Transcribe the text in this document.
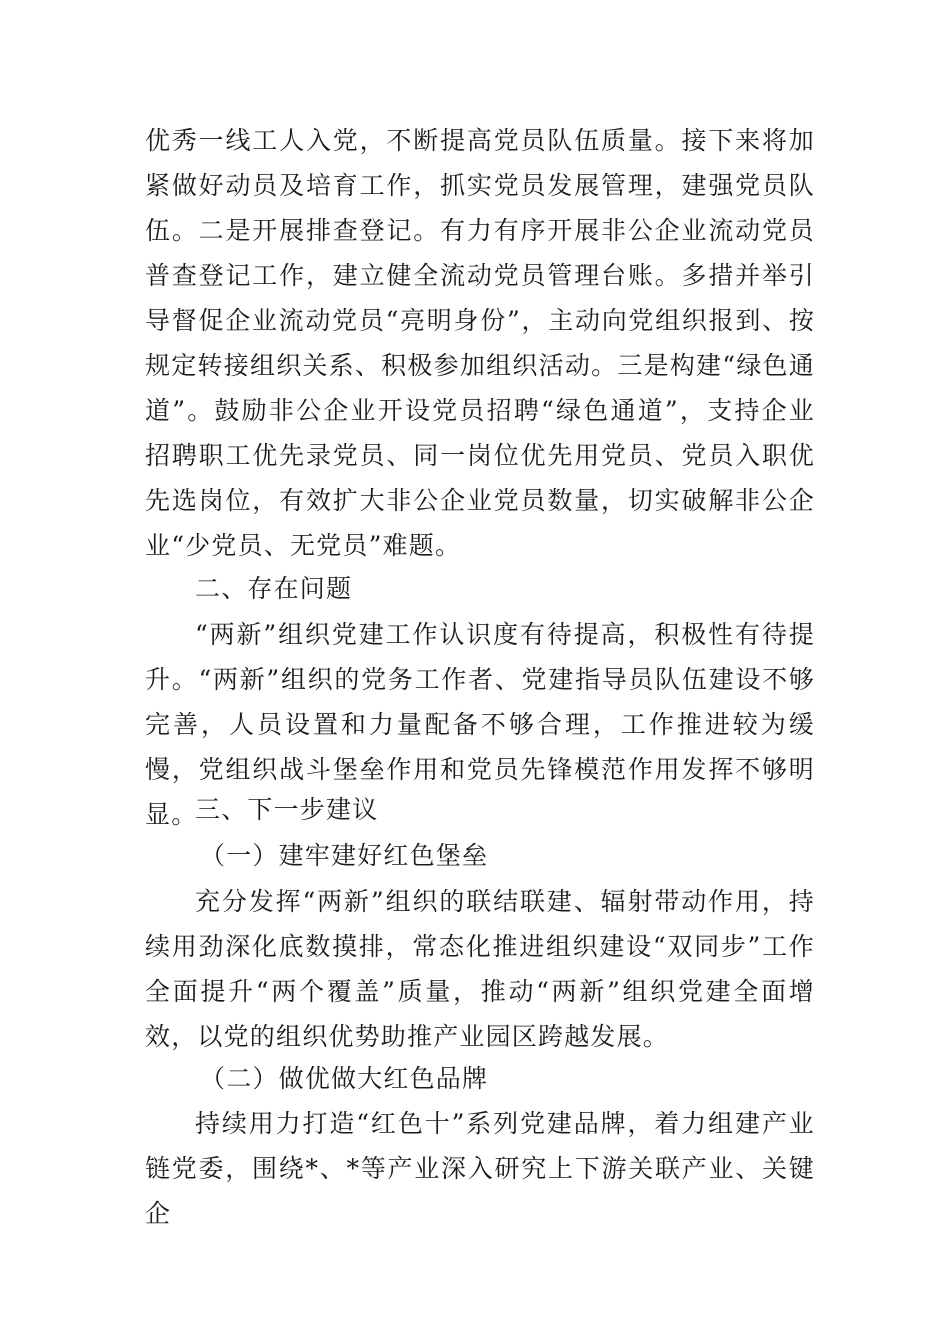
优秀一线工人入党，不断提高党员队伍质量。接下来将加紧做好动员及培育工作，抓实党员发展管理，建强党员队伍。二是开展排查登记。有力有序开展非公企业流动党员普查登记工作，建立健全流动党员管理台账。多措并举引导督促企业流动党员“亮明身份”，主动向党组织报到、按规定转接组织关系、积极参加组织活动。三是构建“绿色通道”。鼓励非公企业开设党员招聘“绿色通道”，支持企业招聘职工优先录党员、同一岗位优先用党员、党员入职优先选岗位，有效扩大非公企业党员数量，切实破解非公企业“少党员、无党员”难题。

二、存在问题

“两新”组织党建工作认识度有待提高，积极性有待提升。“两新”组织的党务工作者、党建指导员队伍建设不够完善，人员设置和力量配备不够合理，工作推进较为缓慢，党组织战斗堡垒作用和党员先锋模范作用发挥不够明显。

三、下一步建议
（一）建牢建好红色堡垒

充分发挥“两新”组织的联结联建、辐射带动作用，持续用劲深化底数摸排，常态化推进组织建设“双同步”工作全面提升“两个覆盖”质量，推动“两新”组织党建全面增效，以党的组织优势助推产业园区跨越发展。

（二）做优做大红色品牌

持续用力打造“红色十”系列党建品牌，着力组建产业链党委，围绕*、*等产业深入研究上下游关联产业、关键企
